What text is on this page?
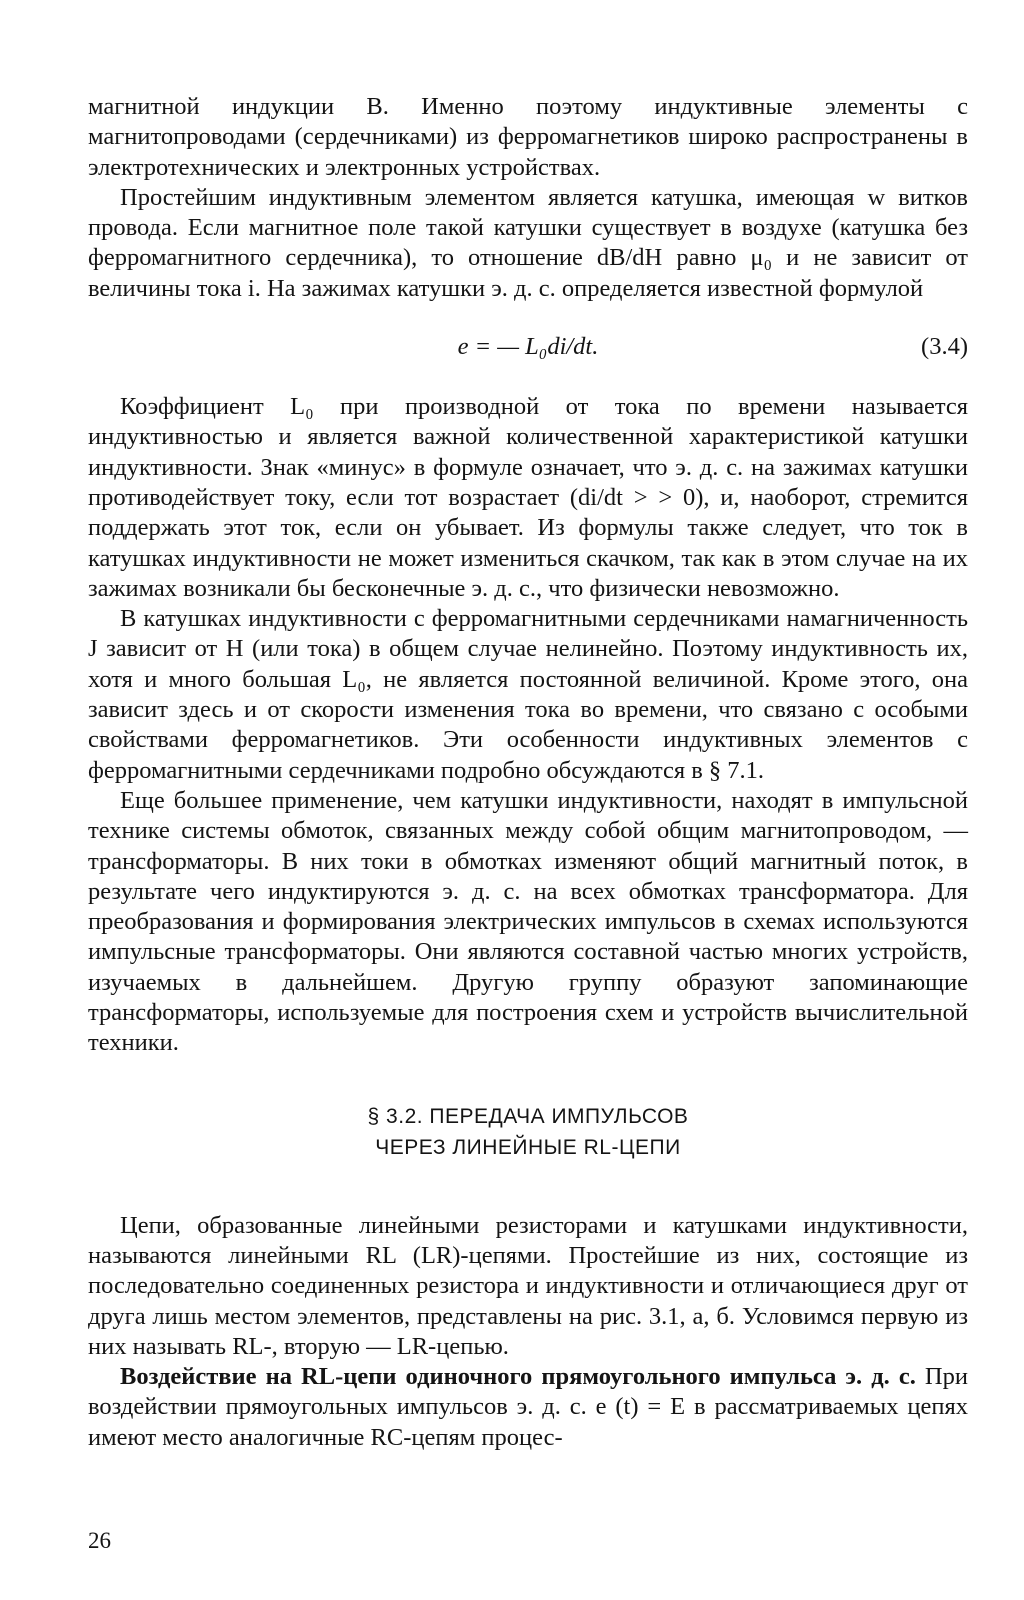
магнитной индукции B. Именно поэтому индуктивные элементы с магнитопроводами (сердечниками) из ферромагнетиков широко распространены в электротехнических и электронных устройствах.

Простейшим индуктивным элементом является катушка, имеющая w витков провода. Если магнитное поле такой катушки существует в воздухе (катушка без ферромагнитного сердечника), то отношение dB/dH равно μ₀ и не зависит от величины тока i. На зажимах катушки э. д. с. определяется известной формулой

e = — L₀di/dt.	(3.4)

Коэффициент L₀ при производной от тока по времени называется индуктивностью и является важной количественной характеристикой катушки индуктивности. Знак «минус» в формуле означает, что э. д. с. на зажимах катушки противодействует току, если тот возрастает (di/dt > > 0), и, наоборот, стремится поддержать этот ток, если он убывает. Из формулы также следует, что ток в катушках индуктивности не может измениться скачком, так как в этом случае на их зажимах возникали бы бесконечные э. д. с., что физически невозможно.

В катушках индуктивности с ферромагнитными сердечниками намагниченность J зависит от H (или тока) в общем случае нелинейно. Поэтому индуктивность их, хотя и много большая L₀, не является постоянной величиной. Кроме этого, она зависит здесь и от скорости изменения тока во времени, что связано с особыми свойствами ферромагнетиков. Эти особенности индуктивных элементов с ферромагнитными сердечниками подробно обсуждаются в § 7.1.

Еще большее применение, чем катушки индуктивности, находят в импульсной технике системы обмоток, связанных между собой общим магнитопроводом, — трансформаторы. В них токи в обмотках изменяют общий магнитный поток, в результате чего индуктируются э. д. с. на всех обмотках трансформатора. Для преобразования и формирования электрических импульсов в схемах используются импульсные трансформаторы. Они являются составной частью многих устройств, изучаемых в дальнейшем. Другую группу образуют запоминающие трансформаторы, используемые для построения схем и устройств вычислительной техники.

§ 3.2. ПЕРЕДАЧА ИМПУЛЬСОВ
ЧЕРЕЗ ЛИНЕЙНЫЕ RL-ЦЕПИ

Цепи, образованные линейными резисторами и катушками индуктивности, называются линейными RL (LR)-цепями. Простейшие из них, состоящие из последовательно соединенных резистора и индуктивности и отличающиеся друг от друга лишь местом элементов, представлены на рис. 3.1, а, б. Условимся первую из них называть RL-, вторую — LR-цепью.

Воздействие на RL-цепи одиночного прямоугольного импульса э. д. с. При воздействии прямоугольных импульсов э. д. с. e (t) = E в рассматриваемых цепях имеют место аналогичные RC-цепям процес-

26
